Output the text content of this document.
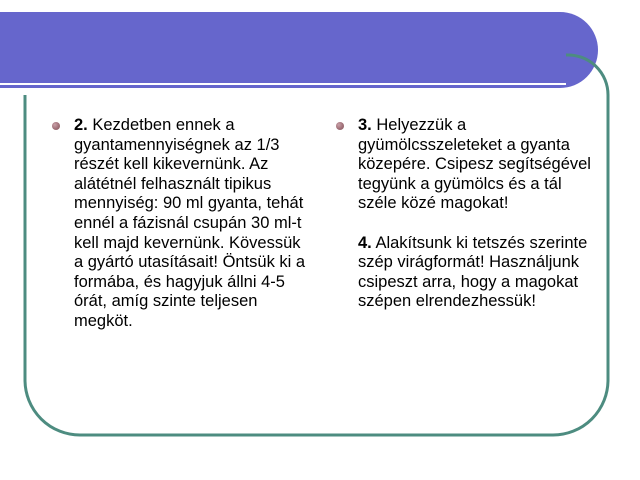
2. Kezdetben ennek a gyantamennyiségnek az 1/3 részét kell kikevernünk. Az alátétnél felhasznált tipikus mennyiség: 90 ml gyanta, tehát ennél a fázisnál csupán 30 ml-t kell majd kevernünk. Kövessük a gyártó utasításait! Öntsük ki a formába, és hagyjuk állni 4-5 órát, amíg szinte teljesen megköt.
3. Helyezzük a gyümölcsszeleteket a gyanta közepére. Csipesz segítségével tegyünk a gyümölcs és a tál széle közé magokat!
4. Alakítsunk ki tetszés szerinte szép virágformát! Használjunk csipeszt arra, hogy a magokat szépen elrendezhessük!
